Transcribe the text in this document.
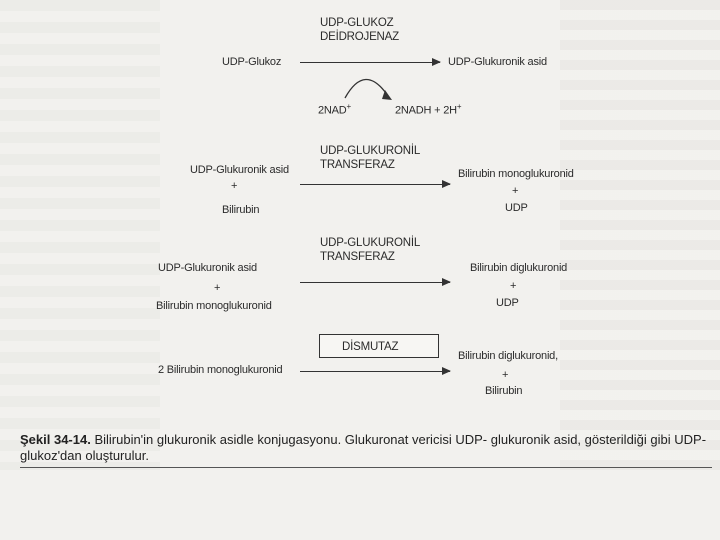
UDP-GLUKOZ
DEİDROJENAZ
UDP-Glukoz	UDP-Glukuronik asid
2NAD+	2NADH + 2H+
UDP-GLUKURONİL
TRANSFERAZ
UDP-Glukuronik asid
+
Bilirubin
Bilirubin monoglukuronid
+
UDP
UDP-GLUKURONİL
TRANSFERAZ
UDP-Glukuronik asid
+
Bilirubin monoglukuronid
Bilirubin diglukuronid
+
UDP
DİSMUTAZ
2 Bilirubin monoglukuronid
Bilirubin diglukuronid,
+
Bilirubin
Şekil 34-14. Bilirubin'in glukuronik asidle konjugasyonu. Glukuronat vericisi UDP- glukuronik asid, gösterildiği gibi UDP-glukoz'dan oluşturulur.
